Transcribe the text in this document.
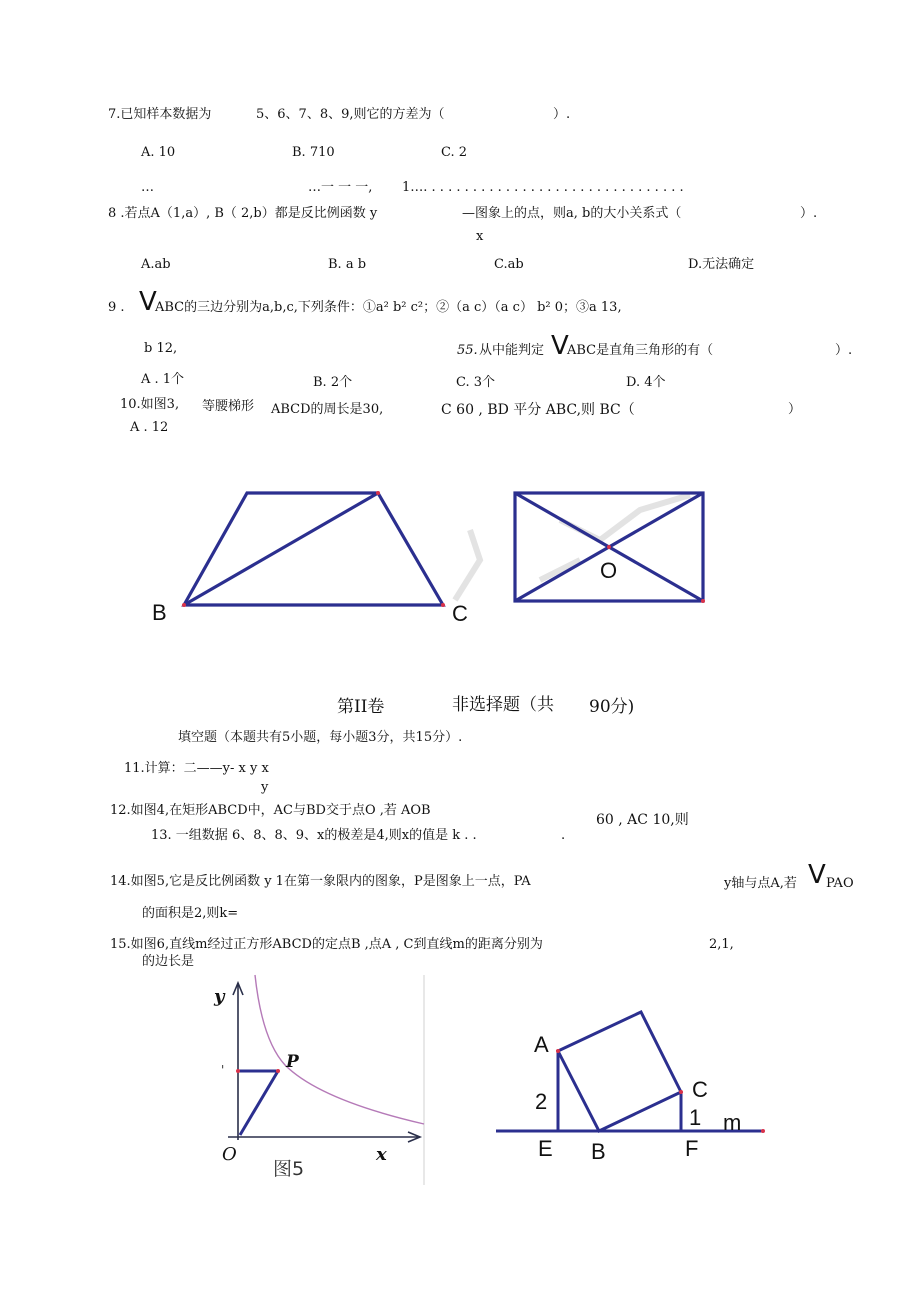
7.已知样本数据为	5、6、7、8、9,则它的方差为（	）.
A. 10	B. 710	C. 2
…	…一 一 一, 1…. . . . . . . . . . . . . . . . . . . . . . . . . . . . . . . .
8 .若点A（1,a）, B（ 2,b）都是反比例函数 y	—图象上的点，则a, b的大小关系式（	）.
x
A.ab	B. a b	C.ab	D.无法确定
9 . V
ABC的三边分别为a,b,c,下列条件：①a² b² c²；②（a c）（a c） b² 0；③a 13,
b 12,	55. 从中能判定 V
ABC是直角三角形的有（	）.
A . 1个	B. 2个	C. 3个	D. 4个
10.如图3, 等腰梯形 ABCD的周长是30,	C 60 , BD 平分 ABC,则 BC（	）
A . 12
B	C
O
第II卷	非选择题（共 90分)
填空题（本题共有5小题，每小题3分，共15分）.
11.计算：二——y- x y x
y
12.如图4,在矩形ABCD中，AC与BD交于点O ,若 AOB
60 , AC 10,则
13. 一组数据 6、8、8、9、x的极差是4,则x的值是 k . .	.
14.如图5,它是反比例函数 y 1在第一象限内的图象，P是图象上一点，PA	y轴与点A,若 V PAO
的面积是2,则k=
15.如图6,直线m经过正方形ABCD的定点B ,点A , C到直线m的距离分别为	2,1,
的边长是
y
x
P
O
图5
'
A
C
2
1 m
E B	F
